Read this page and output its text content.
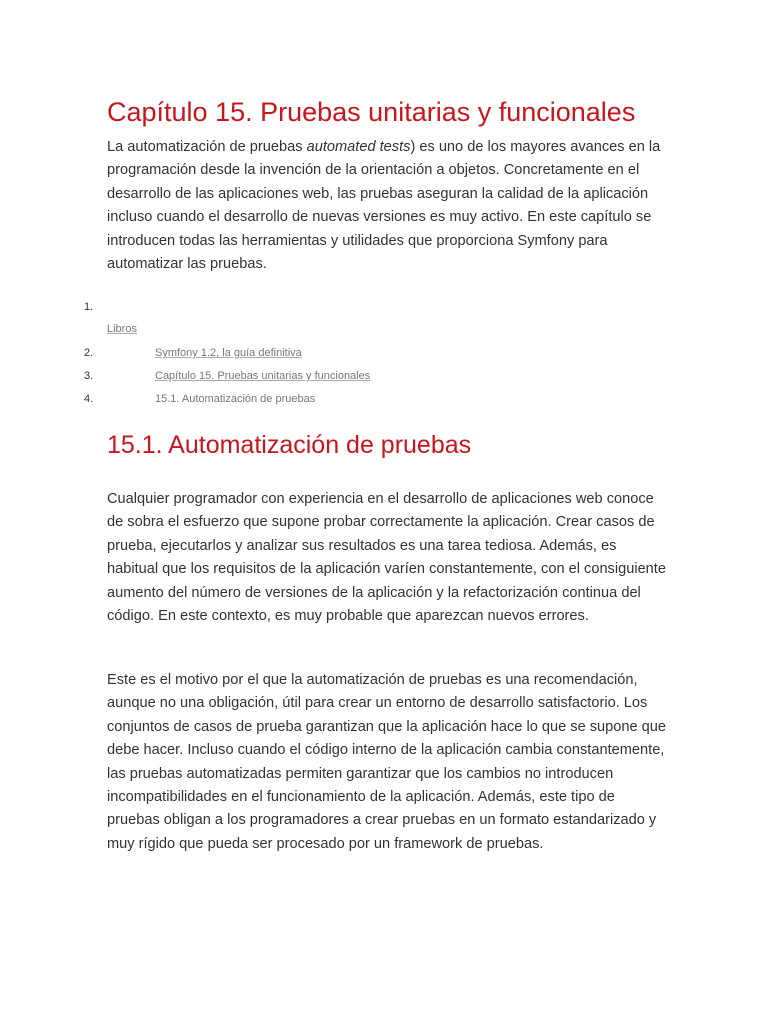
Capítulo 15. Pruebas unitarias y funcionales

La automatización de pruebas automated tests) es uno de los mayores avances en la programación desde la invención de la orientación a objetos. Concretamente en el desarrollo de las aplicaciones web, las pruebas aseguran la calidad de la aplicación incluso cuando el desarrollo de nuevas versiones es muy activo. En este capítulo se introducen todas las herramientas y utilidades que proporciona Symfony para automatizar las pruebas.

1.
Libros
2.	Symfony 1.2, la guía definitiva
3.	Capítulo 15. Pruebas unitarias y funcionales
4.	15.1. Automatización de pruebas
15.1. Automatización de pruebas

Cualquier programador con experiencia en el desarrollo de aplicaciones web conoce de sobra el esfuerzo que supone probar correctamente la aplicación. Crear casos de prueba, ejecutarlos y analizar sus resultados es una tarea tediosa. Además, es habitual que los requisitos de la aplicación varíen constantemente, con el consiguiente aumento del número de versiones de la aplicación y la refactorización continua del código. En este contexto, es muy probable que aparezcan nuevos errores.

Este es el motivo por el que la automatización de pruebas es una recomendación, aunque no una obligación, útil para crear un entorno de desarrollo satisfactorio. Los conjuntos de casos de prueba garantizan que la aplicación hace lo que se supone que debe hacer. Incluso cuando el código interno de la aplicación cambia constantemente, las pruebas automatizadas permiten garantizar que los cambios no introducen incompatibilidades en el funcionamiento de la aplicación. Además, este tipo de pruebas obligan a los programadores a crear pruebas en un formato estandarizado y muy rígido que pueda ser procesado por un framework de pruebas.
